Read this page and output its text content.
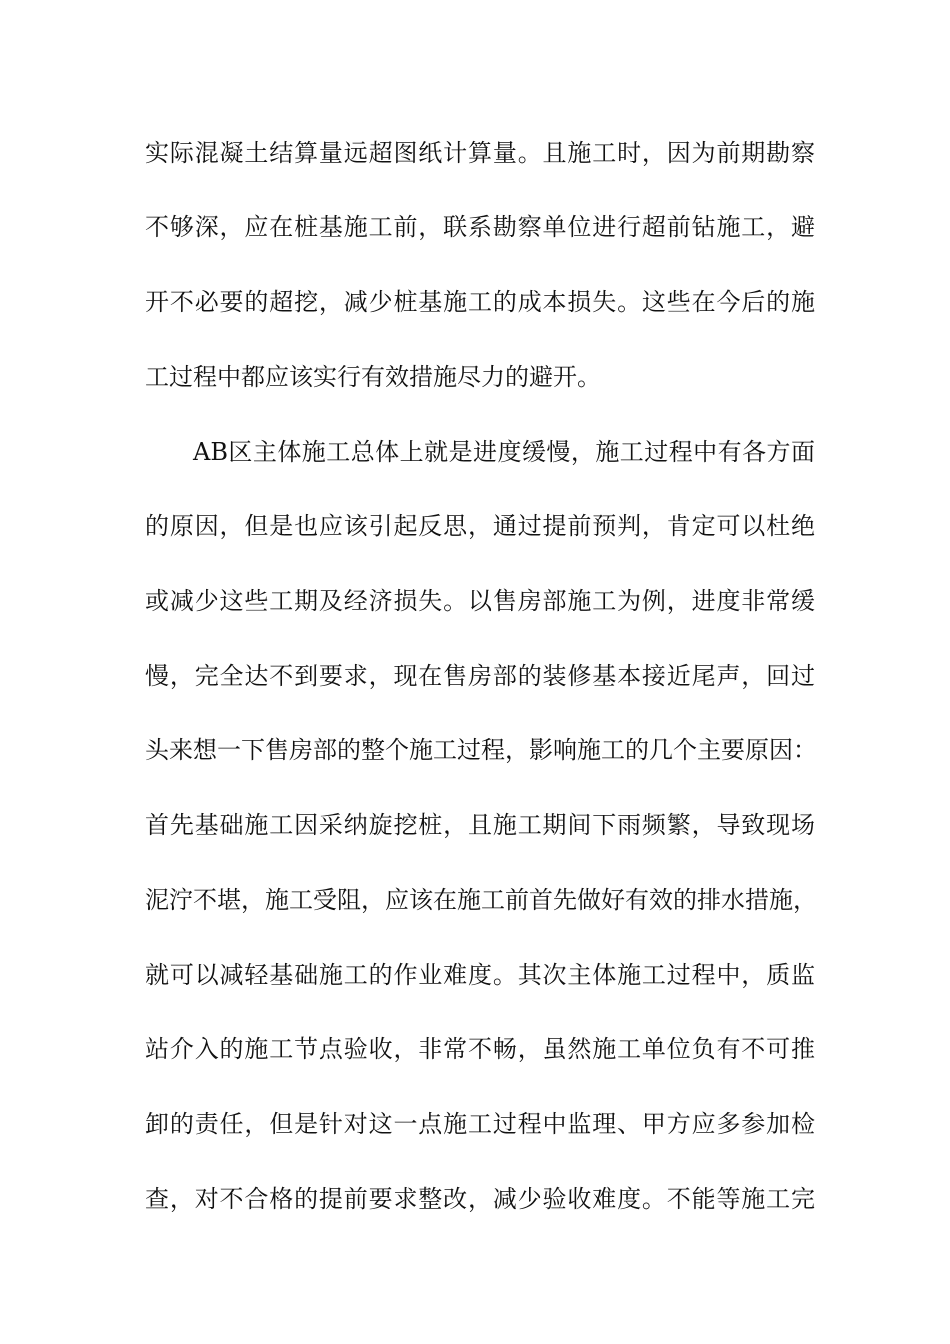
实际混凝土结算量远超图纸计算量。且施工时，因为前期勘察
不够深，应在桩基施工前，联系勘察单位进行超前钻施工，避
开不必要的超挖，减少桩基施工的成本损失。这些在今后的施
工过程中都应该实行有效措施尽力的避开。
AB区主体施工总体上就是进度缓慢，施工过程中有各方面
的原因，但是也应该引起反思，通过提前预判，肯定可以杜绝
或减少这些工期及经济损失。以售房部施工为例，进度非常缓
慢，完全达不到要求，现在售房部的装修基本接近尾声，回过
头来想一下售房部的整个施工过程，影响施工的几个主要原因：
首先基础施工因采纳旋挖桩，且施工期间下雨频繁，导致现场
泥泞不堪，施工受阻，应该在施工前首先做好有效的排水措施，
就可以减轻基础施工的作业难度。其次主体施工过程中，质监
站介入的施工节点验收，非常不畅，虽然施工单位负有不可推
卸的责任，但是针对这一点施工过程中监理、甲方应多参加检
查，对不合格的提前要求整改，减少验收难度。不能等施工完
